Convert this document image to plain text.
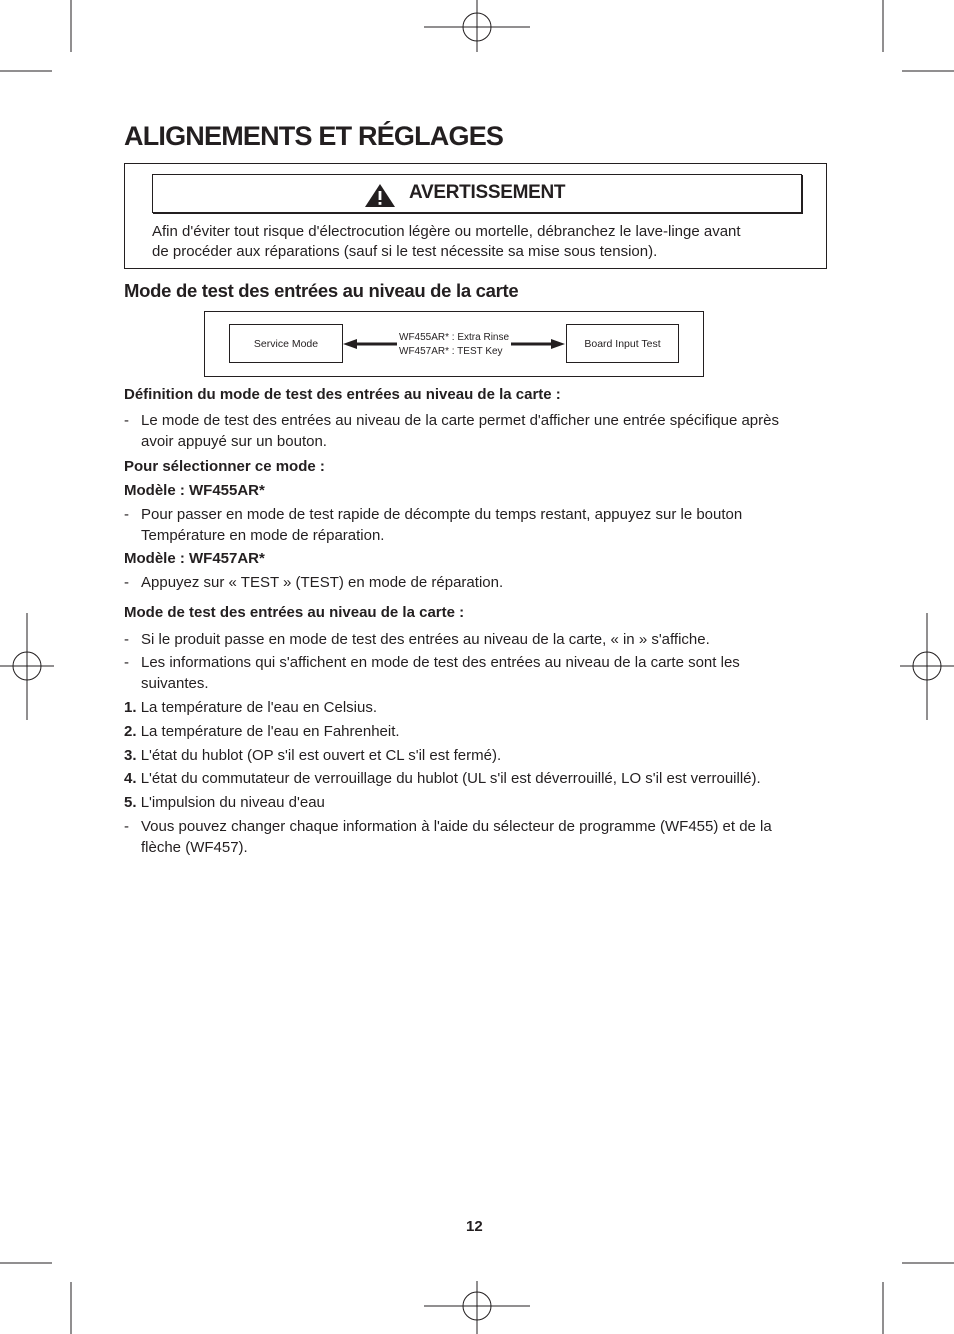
ALIGNEMENTS ET RÉGLAGES
AVERTISSEMENT
Afin d'éviter tout risque d'électrocution légère ou mortelle, débranchez le lave-linge avant
de procéder aux réparations (sauf si le test nécessite sa mise sous tension).
Mode de test des entrées au niveau de la carte
Service Mode	WF455AR* : Extra Rinse
WF457AR* : TEST Key
Board Input Test
Définition du mode de test des entrées au niveau de la carte :
- Le mode de test des entrées au niveau de la carte permet d'afficher une entrée spécifique après
avoir appuyé sur un bouton.
Pour sélectionner ce mode :
Modèle : WF455AR*
- Pour passer en mode de test rapide de décompte du temps restant, appuyez sur le bouton
Température en mode de réparation.
Modèle : WF457AR*
- Appuyez sur « TEST » (TEST) en mode de réparation.
Mode de test des entrées au niveau de la carte :
- Si le produit passe en mode de test des entrées au niveau de la carte, « in » s'affiche.
- Les informations qui s'affichent en mode de test des entrées au niveau de la carte sont les
suivantes.
1. La température de l'eau en Celsius.
2. La température de l'eau en Fahrenheit.
3. L'état du hublot (OP s'il est ouvert et CL s'il est fermé).
4. L'état du commutateur de verrouillage du hublot (UL s'il est déverrouillé, LO s'il est verrouillé).
5. L'impulsion du niveau d'eau
- Vous pouvez changer chaque information à l'aide du sélecteur de programme (WF455) et de la
flèche (WF457).
12
